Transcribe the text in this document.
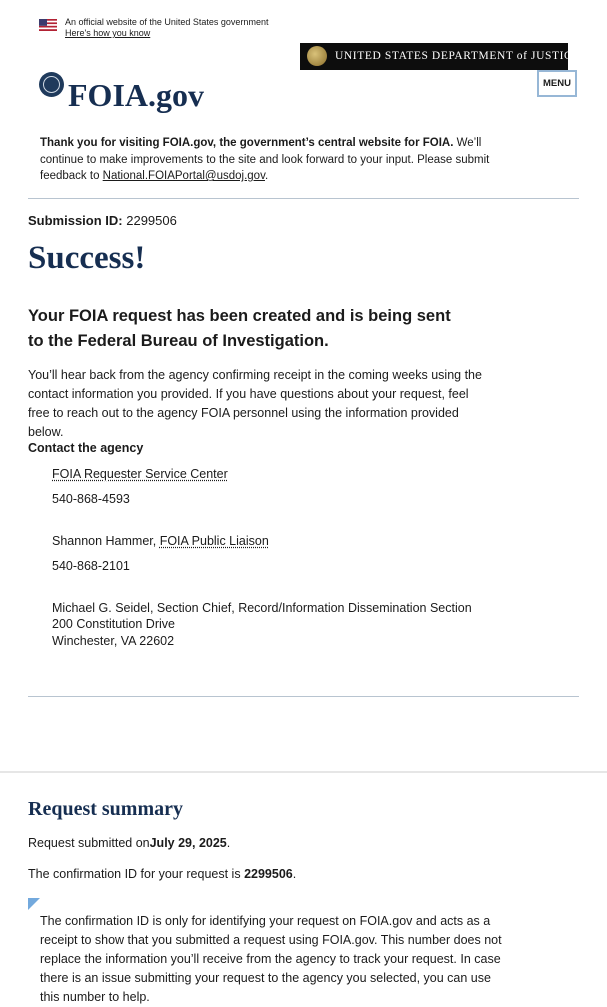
An official website of the United States government
Here's how you know
UNITED STATES DEPARTMENT of JUSTICE
FOIA.gov	MENU
Thank you for visiting FOIA.gov, the government’s central website for FOIA. We’ll continue to make improvements to the site and look forward to your input. Please submit feedback to National.FOIAPortal@usdoj.gov.
Submission ID: 2299506
Success!
Your FOIA request has been created and is being sent to the Federal Bureau of Investigation.
You’ll hear back from the agency confirming receipt in the coming weeks using the contact information you provided. If you have questions about your request, feel free to reach out to the agency FOIA personnel using the information provided below.
Contact the agency
FOIA Requester Service Center
540-868-4593
Shannon Hammer, FOIA Public Liaison
540-868-2101
Michael G. Seidel, Section Chief, Record/Information Dissemination Section
200 Constitution Drive
Winchester, VA 22602
Request summary
Request submitted onJuly 29, 2025.
The confirmation ID for your request is 2299506.
The confirmation ID is only for identifying your request on FOIA.gov and acts as a receipt to show that you submitted a request using FOIA.gov. This number does not replace the information you’ll receive from the agency to track your request. In case there is an issue submitting your request to the agency you selected, you can use this number to help.
